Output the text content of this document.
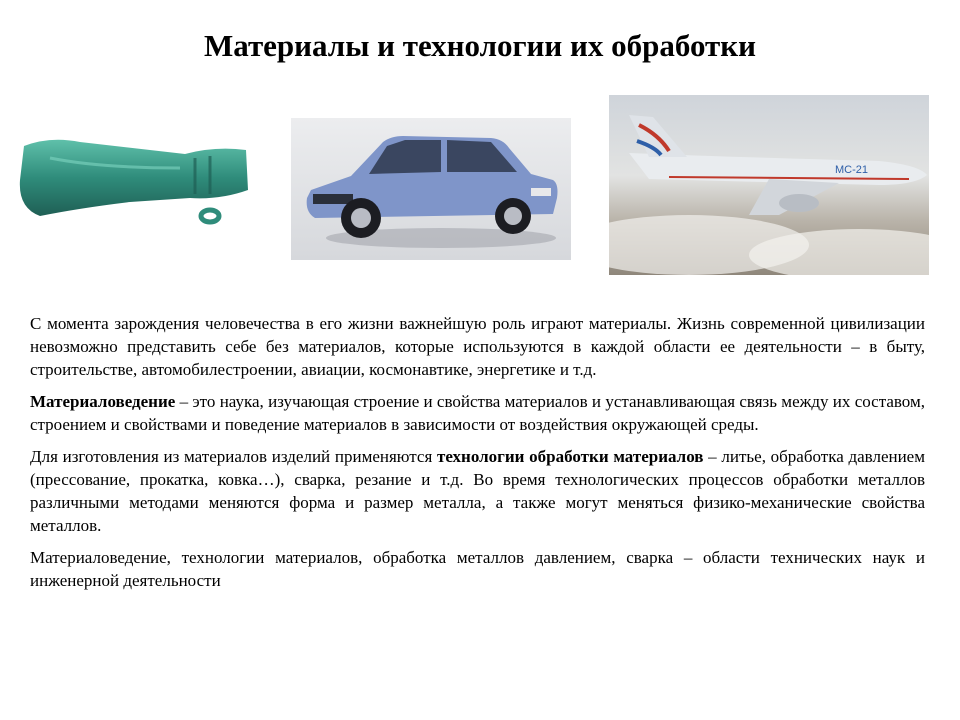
Материалы и технологии их обработки
MC-21

С момента зарождения человечества в его жизни важнейшую роль играют материалы. Жизнь современной цивилизации невозможно представить себе без материалов, которые используются в каждой области ее деятельности – в быту, строительстве, автомобилестроении, авиации, космонавтике, энергетике и т.д.

Материаловедение – это наука, изучающая строение и свойства материалов и устанавливающая связь между их составом, строением и свойствами и поведение материалов в зависимости от воздействия окружающей среды.

Для изготовления из материалов изделий применяются технологии обработки материалов – литье, обработка давлением (прессование, прокатка, ковка…), сварка, резание и т.д. Во время технологических процессов обработки металлов различными методами меняются форма и размер металла, а также могут меняться физико-механические свойства металлов.

Материаловедение, технологии материалов, обработка металлов давлением, сварка – области технических наук и инженерной деятельности
